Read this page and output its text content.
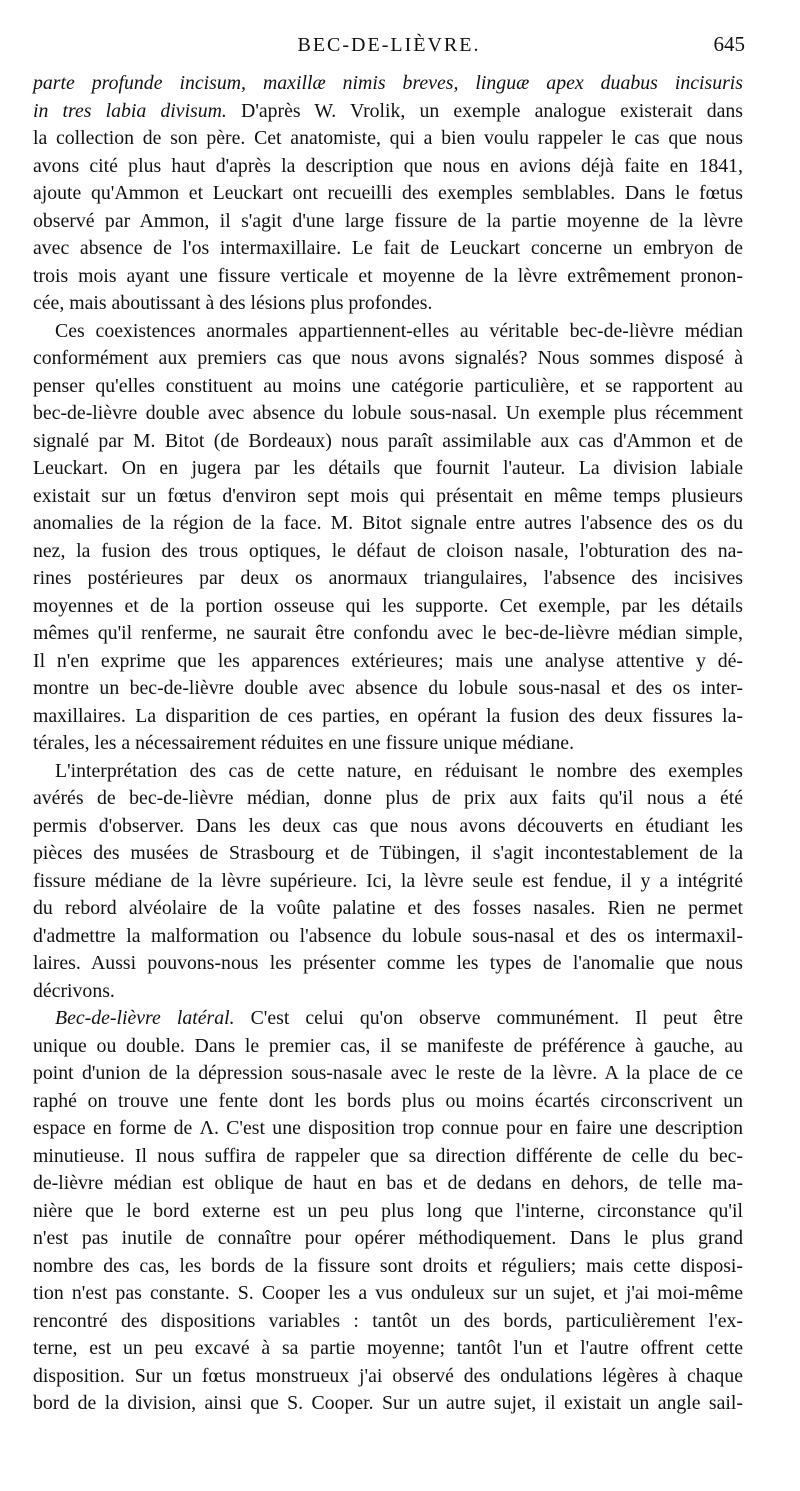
BEC-DE-LIÈVRE.	645
parte profunde incisum, maxillæ nimis breves, linguæ apex duabus incisuris
in tres labia divisum. D'après W. Vrolik, un exemple analogue existerait dans
la collection de son père. Cet anatomiste, qui a bien voulu rappeler le cas que nous
avons cité plus haut d'après la description que nous en avions déjà faite en 1841,
ajoute qu'Ammon et Leuckart ont recueilli des exemples semblables. Dans le fœtus
observé par Ammon, il s'agit d'une large fissure de la partie moyenne de la lèvre
avec absence de l'os intermaxillaire. Le fait de Leuckart concerne un embryon de
trois mois ayant une fissure verticale et moyenne de la lèvre extrêmement pronon-
cée, mais aboutissant à des lésions plus profondes.
Ces coexistences anormales appartiennent-elles au véritable bec-de-lièvre médian
conformément aux premiers cas que nous avons signalés? Nous sommes disposé à
penser qu'elles constituent au moins une catégorie particulière, et se rapportent au
bec-de-lièvre double avec absence du lobule sous-nasal. Un exemple plus récemment
signalé par M. Bitot (de Bordeaux) nous paraît assimilable aux cas d'Ammon et de
Leuckart. On en jugera par les détails que fournit l'auteur. La division labiale
existait sur un fœtus d'environ sept mois qui présentait en même temps plusieurs
anomalies de la région de la face. M. Bitot signale entre autres l'absence des os du
nez, la fusion des trous optiques, le défaut de cloison nasale, l'obturation des na-
rines postérieures par deux os anormaux triangulaires, l'absence des incisives
moyennes et de la portion osseuse qui les supporte. Cet exemple, par les détails
mêmes qu'il renferme, ne saurait être confondu avec le bec-de-lièvre médian simple,
Il n'en exprime que les apparences extérieures; mais une analyse attentive y dé-
montre un bec-de-lièvre double avec absence du lobule sous-nasal et des os inter-
maxillaires. La disparition de ces parties, en opérant la fusion des deux fissures la-
térales, les a nécessairement réduites en une fissure unique médiane.
L'interprétation des cas de cette nature, en réduisant le nombre des exemples
avérés de bec-de-lièvre médian, donne plus de prix aux faits qu'il nous a été
permis d'observer. Dans les deux cas que nous avons découverts en étudiant les
pièces des musées de Strasbourg et de Tübingen, il s'agit incontestablement de la
fissure médiane de la lèvre supérieure. Ici, la lèvre seule est fendue, il y a intégrité
du rebord alvéolaire de la voûte palatine et des fosses nasales. Rien ne permet
d'admettre la malformation ou l'absence du lobule sous-nasal et des os intermaxil-
laires. Aussi pouvons-nous les présenter comme les types de l'anomalie que nous
décrivons.
Bec-de-lièvre latéral. C'est celui qu'on observe communément. Il peut être
unique ou double. Dans le premier cas, il se manifeste de préférence à gauche, au
point d'union de la dépression sous-nasale avec le reste de la lèvre. A la place de ce
raphé on trouve une fente dont les bords plus ou moins écartés circonscrivent un
espace en forme de Λ. C'est une disposition trop connue pour en faire une description
minutieuse. Il nous suffira de rappeler que sa direction différente de celle du bec-
de-lièvre médian est oblique de haut en bas et de dedans en dehors, de telle ma-
nière que le bord externe est un peu plus long que l'interne, circonstance qu'il
n'est pas inutile de connaître pour opérer méthodiquement. Dans le plus grand
nombre des cas, les bords de la fissure sont droits et réguliers; mais cette disposi-
tion n'est pas constante. S. Cooper les a vus onduleux sur un sujet, et j'ai moi-même
rencontré des dispositions variables : tantôt un des bords, particulièrement l'ex-
terne, est un peu excavé à sa partie moyenne; tantôt l'un et l'autre offrent cette
disposition. Sur un fœtus monstrueux j'ai observé des ondulations légères à chaque
bord de la division, ainsi que S. Cooper. Sur un autre sujet, il existait un angle sail-
